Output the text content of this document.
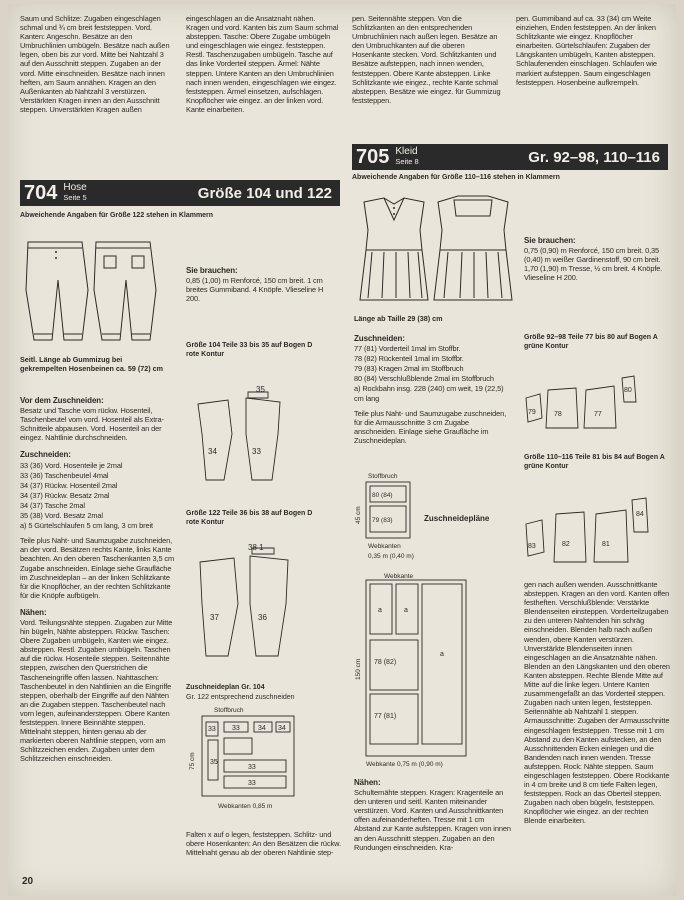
Saum und Schlitze: Zugaben eingeschlagen schmal und ¾ cm breit feststeppen. Vord. Kanten: Angeschn. Besätze an den Umbruchlinien umbügeln. Besätze nach außen legen, oben bis zur vord. Mitte bei Nahtzahl 3 auf den Ausschnitt steppen. Zugaben an der vord. Mitte einschneiden. Besätze nach innen heften, am Saum annähen. Kragen an den Außenkanten ab Nahtzahl 3 verstürzen. Verstärkten Kragen innen an den Ausschnitt steppen. Unverstärkten Kragen außen

eingeschlagen an die Ansatznaht nähen. Kragen und vord. Kanten bis zum Saum schmal absteppen. Tasche: Obere Zugabe umbügeln und eingeschlagen wie eingez. feststeppen. Restl. Taschenzugaben umbügeln. Tasche auf das linke Vorderteil steppen. Ärmel: Nähte steppen. Untere Kanten an den Umbruchlinien nach innen wenden, eingeschlagen wie eingez. feststeppen. Ärmel einsetzen, aufschlagen. Knopflöcher wie eingez. an der linken vord. Kante einarbeiten.

pen. Seitennähte steppen. Von die Schlitzkanten an den entsprechenden Umbruchlinien nach außen legen. Besätze an den Umbruchkanten auf die oberen Hosenkante stecken. Vord. Schlitzkanten und Besätze aufsteppen, nach innen wenden, feststeppen. Obere Kante absteppen. Linke Schlitzkante wie eingez., rechte Kante schmal absteppen. Besätze wie eingez. für Gummizug feststeppen.

pen. Gummiband auf ca. 33 (34) cm Weite einziehen, Enden feststeppen. An der linken Schlitzkante wie eingez. Knopflöcher einarbeiten. Gürtelschlaufen: Zugaben der Längskanten umbügeln, Kanten absteppen. Schlaufenenden einschlagen. Schlaufen wie markiert aufsteppen. Saum eingeschlagen feststeppen. Hosenbeine aufkrempeln.

705 Kleid
Seite 8	Gr. 92–98, 110–116
Abweichende Angaben für Größe 110–116 stehen in Klammern
704 Hose
Seite 5	Größe 104 und 122
Abweichende Angaben für Größe 122 stehen in Klammern
Seitl. Länge ab Gummizug bei gekrempelten Hosenbeinen ca. 59 (72) cm

Vor dem Zuschneiden:

Besatz und Tasche vom rückw. Hosenteil, Taschenbeutel vom vord. Hosenteil als Extra-Schnitteile abpausen. Vord. Hosenteil an der eingez. Nahtlinie durchschneiden.

Zuschneiden:

33 (36) Vord. Hosenteile je 2mal

33 (36) Taschenbeutel 4mal

34 (37) Rückw. Hosenteil 2mal

34 (37) Rückw. Besatz 2mal

34 (37) Tasche 2mal

35 (38) Vord. Besatz 2mal

a) 5 Gürtelschlaufen 5 cm lang, 3 cm breit

Teile plus Naht- und Saumzugabe zuschneiden, an der vord. Besätzen rechts Kante, links Kante beachten. An den oberen Taschenkanten 3,5 cm Zugabe anschneiden. Einlage siehe Graufläche im Zuschneideplan – an der linken Schlitzkante für die Knopflöcher, an der rechten Schlitzkante für die Knöpfe aufbügeln.

Nähen:

Vord. Teilungsnähte steppen. Zugaben zur Mitte hin bügeln, Nähte absteppen. Rückw. Taschen: Obere Zugaben umbügeln, Kanten wie eingez. absteppen. Restl. Zugaben umbügeln. Taschen auf die rückw. Hosenteile steppen. Seitennähte steppen, zwischen den Querstrichen die Tascheneingriffe offen lassen. Nahttaschen: Taschenbeutel in den Nahtlinien an die Eingriffe steppen, oberhalb der Eingriffe auf den Nähten an die Zugaben steppen. Taschenbeutel nach vorn legen, aufeinandersteppen. Obere Kanten feststeppen. Innere Beinnähte steppen. Mittelnaht steppen, hinten genau ab der markierten oberen Nahtlinie steppen, vorn am Schlitzzeichen enden. Zugaben unter dem Schlitzzeichen einschneiden.

Sie brauchen:

0,85 (1,00) m Renforcé, 150 cm breit. 1 cm breites Gummiband. 4 Knöpfe. Vlieseline H 200.

Größe 104 Teile 33 bis 35 auf Bogen D rote Kontur
35
34	33
Größe 122 Teile 36 bis 38 auf Bogen D rote Kontur
38 1
37	36
Zuschneideplan Gr. 104
Gr. 122 entsprechend zuschneiden
Stoffbruch
75 cm
33 33	34 34
35
33
33
Webkanten 0,85 m

Falten x auf o legen, feststeppen. Schlitz- und obere Hosenkanten: An den Besätzen die rückw. Mittelnaht genau ab der oberen Nahtlinie step-

Länge ab Taille 29 (38) cm

Zuschneiden:

77 (81) Vorderteil 1mal im Stoffbr.

78 (82) Rückenteil 1mal im Stoffbr.

79 (83) Kragen 2mal im Stoffbruch

80 (84) Verschlußblende 2mal im Stoffbruch

a) Rockbahn insg. 228 (240) cm weit, 19 (22,5) cm lang

Teile plus Naht- und Saumzugabe zuschneiden, für die Armausschnitte 3 cm Zugabe anschneiden. Einlage siehe Graufläche im Zuschneideplan.

Stoffbruch
45 cm
80 (84)
79 (83)
Webkanten
0,35 m (0,40 m)
Zuschneidepläne
Webkante
150 cm
a	a
a
78 (82)
77 (81)
Webkante 0,75 m (0,90 m)

Nähen:

Schulternähte steppen. Kragen: Kragenteile an den unteren und seitl. Kanten miteinander verstürzen. Vord. Kanten und Ausschnittkanten offen aufeinanderheften. Tresse mit 1 cm Abstand zur Kante aufsteppen. Kragen von innen an den Ausschnitt steppen. Zugaben an den Rundungen einschneiden. Kra-

Sie brauchen:

0,75 (0,90) m Renforcé, 150 cm breit. 0,35 (0,40) m weißer Gardinenstoff, 90 cm breit. 1,70 (1,90) m Tresse, ½ cm breit. 4 Knöpfe. Vlieseline H 200.

Größe 92–98 Teile 77 bis 80 auf Bogen A grüne Kontur
79	78	77
80
Größe 110–116 Teile 81 bis 84 auf Bogen A grüne Kontur
83	82	81
84

gen nach außen wenden. Ausschnittkante absteppen. Kragen an den vord. Kanten offen festheften. Verschlußblende: Verstärkte Blendenseiten einsteppen. Vorderteilzugaben zu den unteren Nahtenden hin schräg einschneiden. Blenden halb nach außen wenden, obere Kanten verstürzen. Unverstärkte Blendenseiten innen eingeschlagen an die Ansatznähte nähen. Blenden an den Längskanten und den oberen Kanten absteppen. Rechte Blende Mitte auf Mitte auf die linke legen. Untere Kanten zusammengefaßt an das Vorderteil steppen. Zugaben nach unten legen, feststeppen. Seitennähte ab Nahtzahl 1 steppen. Armausschnitte: Zugaben der Armausschnitte eingeschlagen feststeppen. Tresse mit 1 cm Abstand zu den Kanten aufstecken, an den Ausschnittenden Ecken einlegen und die Bandenden nach innen wenden. Tresse aufsteppen. Rock: Nähte steppen. Saum eingeschlagen feststeppen. Obere Rockkante in 4 cm breite und 8 cm tiefe Falten legen, feststeppen. Rock an das Oberteil steppen. Zugaben nach oben bügeln, feststeppen. Knopflöcher wie eingez. an der rechten Blende einarbeiten.

20
